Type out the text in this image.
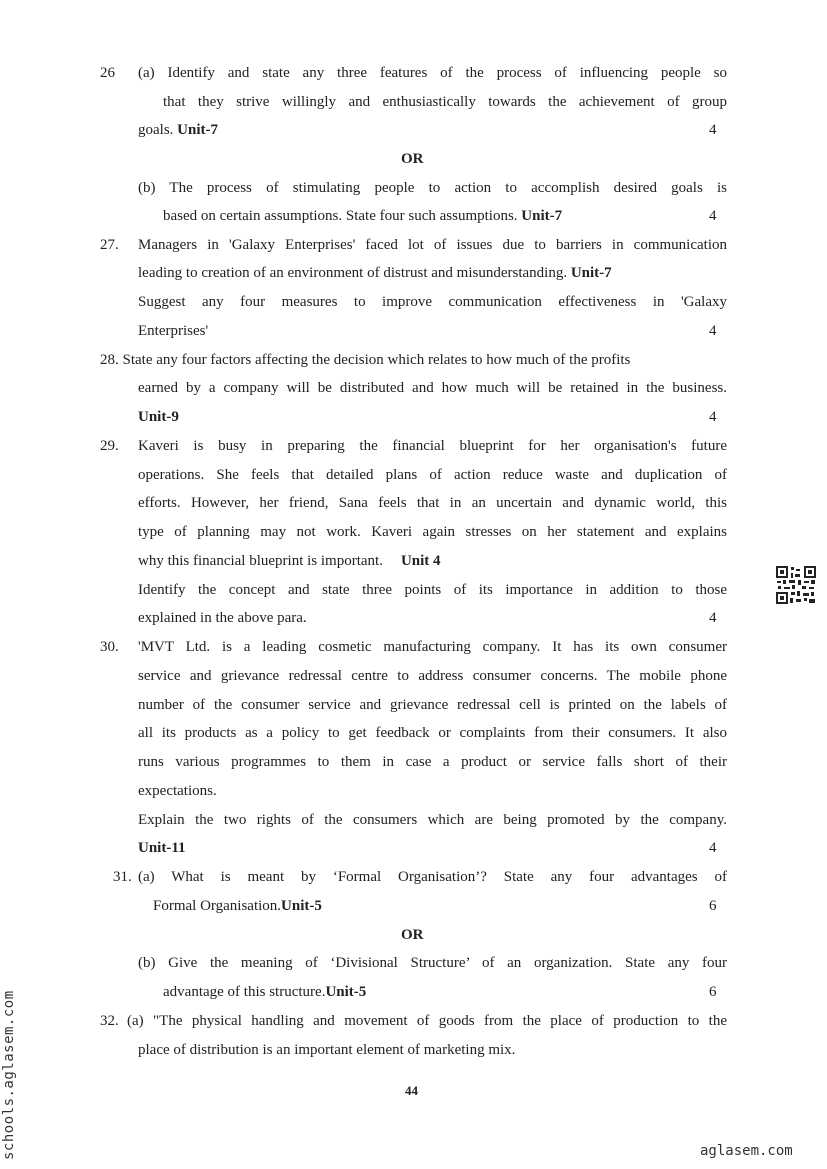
26 (a) Identify and state any three features of the process of influencing people so
that they strive willingly and enthusiastically towards the achievement of group
goals. Unit-7	4
OR
(b) The process of stimulating people to action to accomplish desired goals is
based on certain assumptions. State four such assumptions. Unit-7	4
27. Managers in 'Galaxy Enterprises' faced lot of issues due to barriers in communication
leading to creation of an environment of distrust and misunderstanding. Unit-7
Suggest any four measures to improve communication effectiveness in 'Galaxy
Enterprises'	4
28. State any four factors affecting the decision which relates to how much of the profits
earned by a company will be distributed and how much will be retained in the business.
Unit-9	4
29. Kaveri is busy in preparing the financial blueprint for her organisation's future
operations. She feels that detailed plans of action reduce waste and duplication of
efforts. However, her friend, Sana feels that in an uncertain and dynamic world, this
type of planning may not work. Kaveri again stresses on her statement and explains
why this financial blueprint is important. Unit 4
Identify the concept and state three points of its importance in addition to those
explained in the above para.	4
30. 'MVT Ltd. is a leading cosmetic manufacturing company. It has its own consumer
service and grievance redressal centre to address consumer concerns. The mobile phone
number of the consumer service and grievance redressal cell is printed on the labels of
all its products as a policy to get feedback or complaints from their consumers. It also
runs various programmes to them in case a product or service falls short of their
expectations.
Explain the two rights of the consumers which are being promoted by the company.
Unit-11	4
31. (a) What is meant by ‘Formal Organisation’? State any four advantages of
Formal Organisation.Unit-5	6
OR
(b) Give the meaning of ‘Divisional Structure’ of an organization. State any four
advantage of this structure.Unit-5	6
32. (a) "The physical handling and movement of goods from the place of production to the
place of distribution is an important element of marketing mix.
44
schools.aglasem.com	aglasem.com
